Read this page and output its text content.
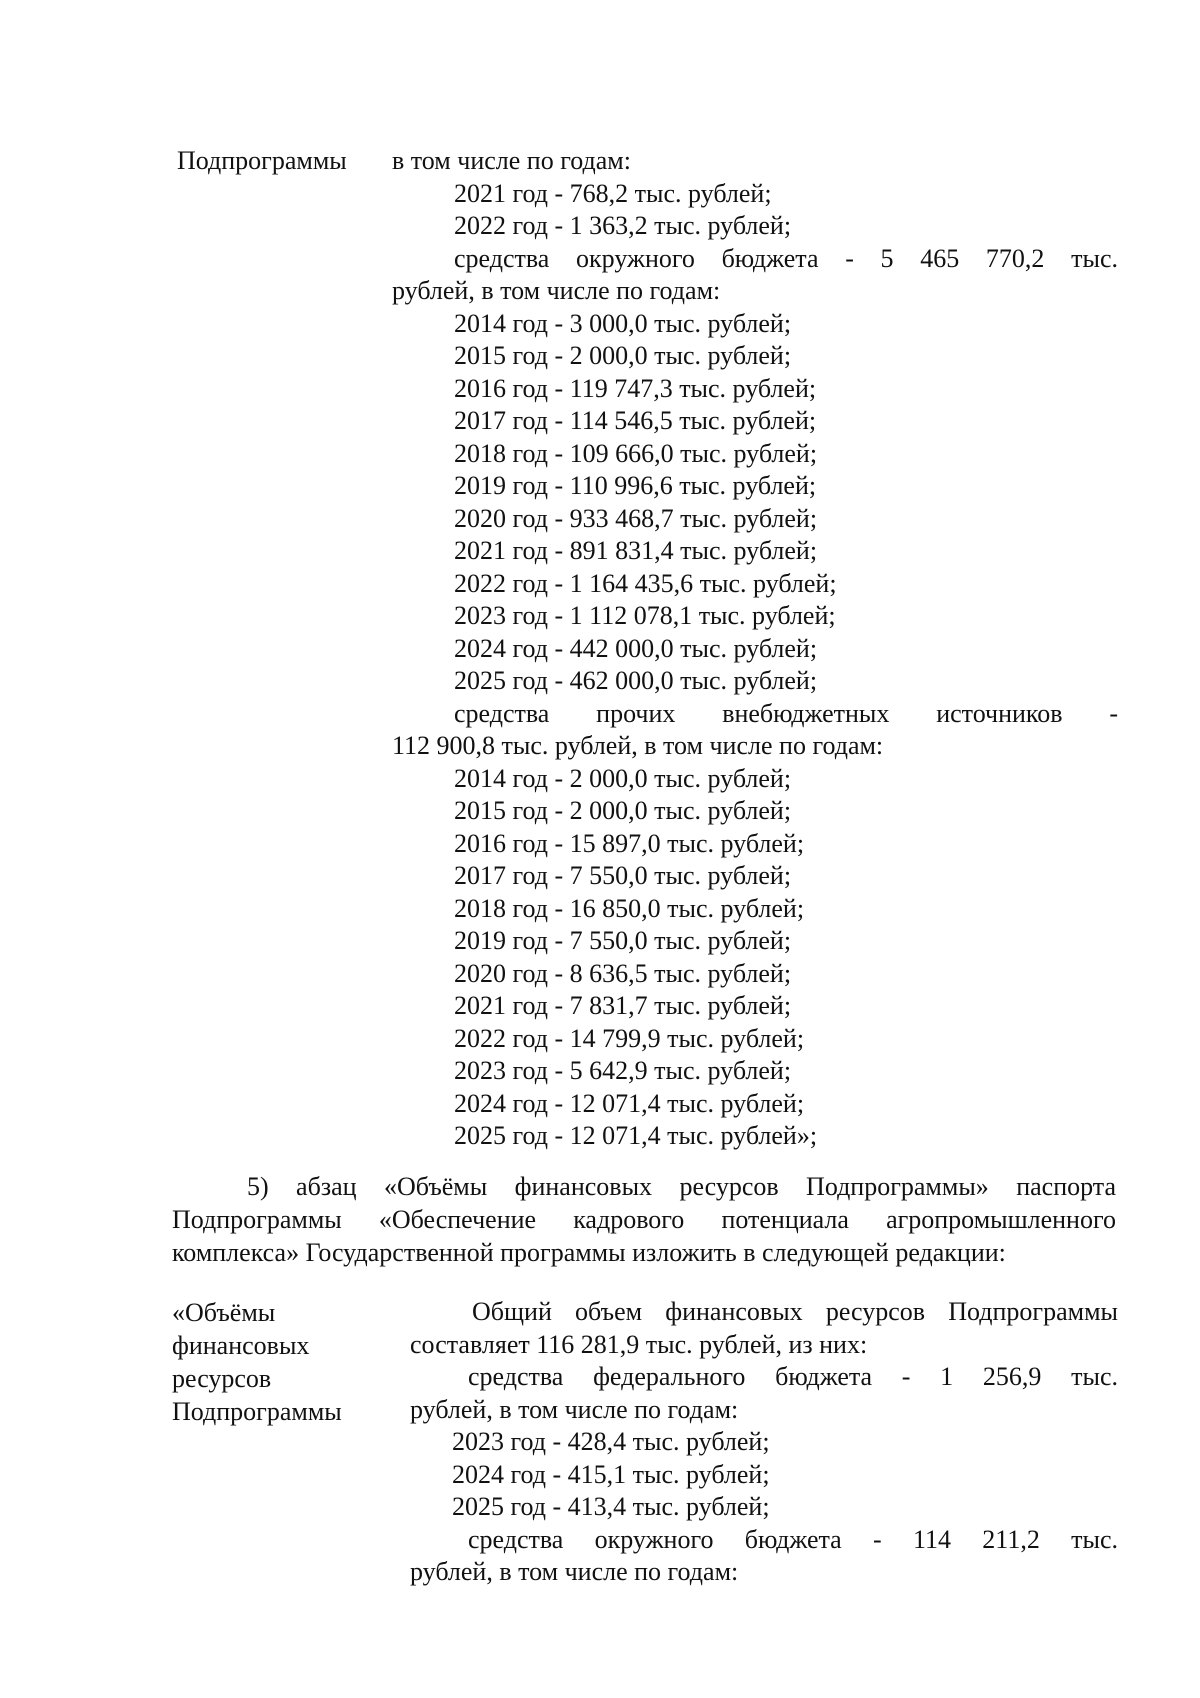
Подпрограммы в том числе по годам:
2021 год - 768,2 тыс. рублей;
2022 год - 1 363,2 тыс. рублей;
средства окружного бюджета - 5 465 770,2 тыс.
рублей, в том числе по годам:
2014 год - 3 000,0 тыс. рублей;
2015 год - 2 000,0 тыс. рублей;
2016 год - 119 747,3 тыс. рублей;
2017 год - 114 546,5 тыс. рублей;
2018 год - 109 666,0 тыс. рублей;
2019 год - 110 996,6 тыс. рублей;
2020 год - 933 468,7 тыс. рублей;
2021 год - 891 831,4 тыс. рублей;
2022 год - 1 164 435,6 тыс. рублей;
2023 год - 1 112 078,1 тыс. рублей;
2024 год - 442 000,0 тыс. рублей;
2025 год - 462 000,0 тыс. рублей;
средства прочих внебюджетных источников -
112 900,8 тыс. рублей, в том числе по годам:
2014 год - 2 000,0 тыс. рублей;
2015 год - 2 000,0 тыс. рублей;
2016 год - 15 897,0 тыс. рублей;
2017 год - 7 550,0 тыс. рублей;
2018 год - 16 850,0 тыс. рублей;
2019 год - 7 550,0 тыс. рублей;
2020 год - 8 636,5 тыс. рублей;
2021 год - 7 831,7 тыс. рублей;
2022 год - 14 799,9 тыс. рублей;
2023 год - 5 642,9 тыс. рублей;
2024 год - 12 071,4 тыс. рублей;
2025 год - 12 071,4 тыс. рублей»;
5) абзац «Объёмы финансовых ресурсов Подпрограммы» паспорта
Подпрограммы «Обеспечение кадрового потенциала агропромышленного
комплекса» Государственной программы изложить в следующей редакции:
«Объёмы
финансовых
ресурсов
Подпрограммы
Общий объем финансовых ресурсов Подпрограммы
составляет 116 281,9 тыс. рублей, из них:
средства федерального бюджета - 1 256,9 тыс.
рублей, в том числе по годам:
2023 год - 428,4 тыс. рублей;
2024 год - 415,1 тыс. рублей;
2025 год - 413,4 тыс. рублей;
средства окружного бюджета - 114 211,2 тыс.
рублей, в том числе по годам:
